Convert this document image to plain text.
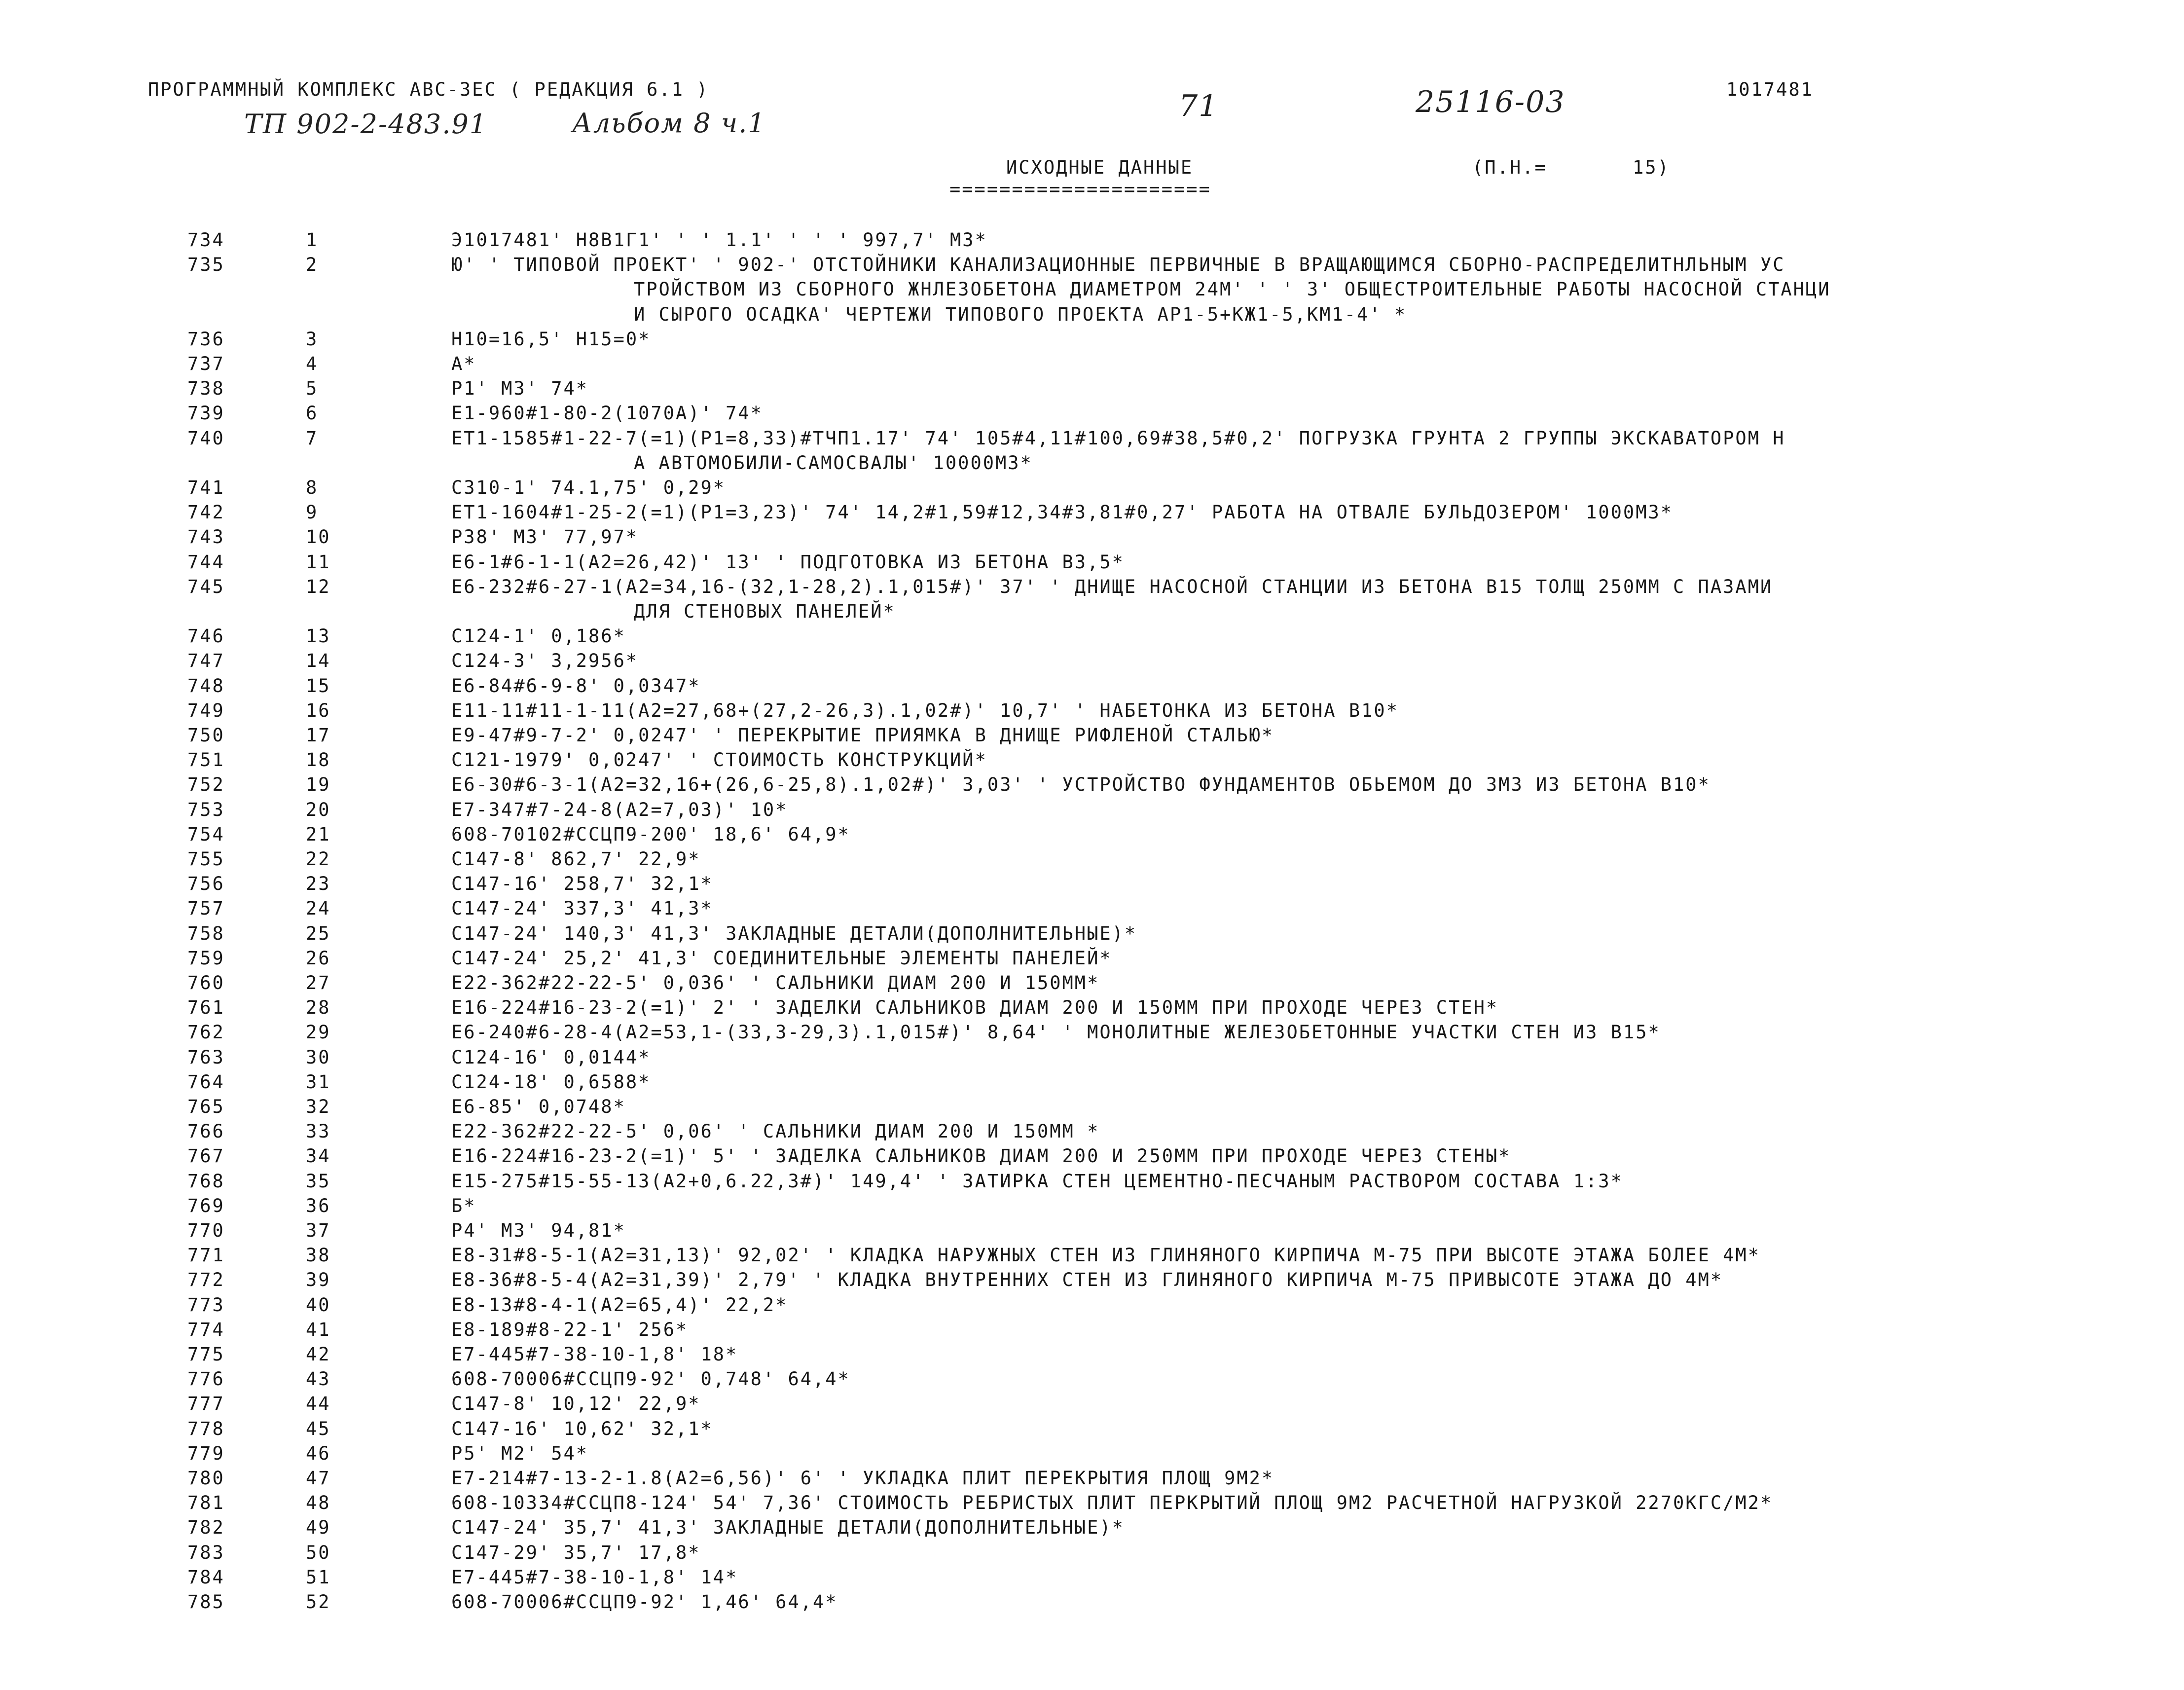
ПРОГРАММНЫЙ КОМПЛЕКС АВС-3ЕС ( РЕДАКЦИЯ 6.1 )	1017481
ТП 902-2-483.91	Альбом 8 ч.1	71	25116-03
ИСХОДНЫЕ ДАННЫЕ
=====================
(П.Н.=	15)
734	1	Э1017481' Н8В1Г1' ' ' 1.1' ' ' ' 997,7' М3*
735	2	Ю' ' ТИПОВОЙ ПРОЕКТ' ' 902-' ОТСТОЙНИКИ КАНАЛИЗАЦИОННЫЕ ПЕРВИЧНЫЕ В ВРАЩАЮЩИМСЯ СБОРНО-РАСПРЕДЕЛИТНЛЬНЫМ УС
ТРОЙСТВОМ ИЗ СБОРНОГО ЖНЛЕЗОБЕТОНА ДИАМЕТРОМ 24М' ' ' 3' ОБЩЕСТРОИТЕЛЬНЫЕ РАБОТЫ НАСОСНОЙ СТАНЦИ
И СЫРОГО ОСАДКА' ЧЕРТЕЖИ ТИПОВОГО ПРОЕКТА АР1-5+КЖ1-5,КМ1-4' *
736	3	Н10=16,5' Н15=0*
737	4	А*
738	5	Р1' М3' 74*
739	6	Е1-960#1-80-2(1070А)' 74*
740	7	ЕТ1-1585#1-22-7(=1)(Р1=8,33)#ТЧП1.17' 74' 105#4,11#100,69#38,5#0,2' ПОГРУЗКА ГРУНТА 2 ГРУППЫ ЭКСКАВАТОРОМ Н
А АВТОМОБИЛИ-САМОСВАЛЫ' 10000М3*
741	8	С310-1' 74.1,75' 0,29*
742	9	ЕТ1-1604#1-25-2(=1)(Р1=3,23)' 74' 14,2#1,59#12,34#3,81#0,27' РАБОТА НА ОТВАЛЕ БУЛЬДОЗЕРОМ' 1000М3*
743	10	Р38' М3' 77,97*
744	11	Е6-1#6-1-1(А2=26,42)' 13' ' ПОДГОТОВКА ИЗ БЕТОНА В3,5*
745	12	Е6-232#6-27-1(А2=34,16-(32,1-28,2).1,015#)' 37' ' ДНИЩЕ НАСОСНОЙ СТАНЦИИ ИЗ БЕТОНА В15 ТОЛЩ 250ММ С ПАЗАМИ
ДЛЯ СТЕНОВЫХ ПАНЕЛЕЙ*
746	13	С124-1' 0,186*
747	14	С124-3' 3,2956*
748	15	Е6-84#6-9-8' 0,0347*
749	16	Е11-11#11-1-11(А2=27,68+(27,2-26,3).1,02#)' 10,7' ' НАБЕТОНКА ИЗ БЕТОНА В10*
750	17	Е9-47#9-7-2' 0,0247' ' ПЕРЕКРЫТИЕ ПРИЯМКА В ДНИЩЕ РИФЛЕНОЙ СТАЛЬЮ*
751	18	С121-1979' 0,0247' ' СТОИМОСТЬ КОНСТРУКЦИЙ*
752	19	Е6-30#6-3-1(А2=32,16+(26,6-25,8).1,02#)' 3,03' ' УСТРОЙСТВО ФУНДАМЕНТОВ ОБЬЕМОМ ДО 3М3 ИЗ БЕТОНА В10*
753	20	Е7-347#7-24-8(А2=7,03)' 10*
754	21	608-70102#ССЦП9-200' 18,6' 64,9*
755	22	С147-8' 862,7' 22,9*
756	23	С147-16' 258,7' 32,1*
757	24	С147-24' 337,3' 41,3*
758	25	С147-24' 140,3' 41,3' ЗАКЛАДНЫЕ ДЕТАЛИ(ДОПОЛНИТЕЛЬНЫЕ)*
759	26	С147-24' 25,2' 41,3' СОЕДИНИТЕЛЬНЫЕ ЭЛЕМЕНТЫ ПАНЕЛЕЙ*
760	27	Е22-362#22-22-5' 0,036' ' САЛЬНИКИ ДИАМ 200 И 150ММ*
761	28	Е16-224#16-23-2(=1)' 2' ' ЗАДЕЛКИ САЛЬНИКОВ ДИАМ 200 И 150ММ ПРИ ПРОХОДЕ ЧЕРЕЗ СТЕН*
762	29	Е6-240#6-28-4(А2=53,1-(33,3-29,3).1,015#)' 8,64' ' МОНОЛИТНЫЕ ЖЕЛЕЗОБЕТОННЫЕ УЧАСТКИ СТЕН ИЗ В15*
763	30	С124-16' 0,0144*
764	31	С124-18' 0,6588*
765	32	Е6-85' 0,0748*
766	33	Е22-362#22-22-5' 0,06' ' САЛЬНИКИ ДИАМ 200 И 150ММ *
767	34	Е16-224#16-23-2(=1)' 5' ' ЗАДЕЛКА САЛЬНИКОВ ДИАМ 200 И 250ММ ПРИ ПРОХОДЕ ЧЕРЕЗ СТЕНЫ*
768	35	Е15-275#15-55-13(А2+0,6.22,3#)' 149,4' ' ЗАТИРКА СТЕН ЦЕМЕНТНО-ПЕСЧАНЫМ РАСТВОРОМ СОСТАВА 1:3*
769	36	Б*
770	37	Р4' М3' 94,81*
771	38	Е8-31#8-5-1(А2=31,13)' 92,02' ' КЛАДКА НАРУЖНЫХ СТЕН ИЗ ГЛИНЯНОГО КИРПИЧА М-75 ПРИ ВЫСОТЕ ЭТАЖА БОЛЕЕ 4М*
772	39	Е8-36#8-5-4(А2=31,39)' 2,79' ' КЛАДКА ВНУТРЕННИХ СТЕН ИЗ ГЛИНЯНОГО КИРПИЧА М-75 ПРИВЫСОТЕ ЭТАЖА ДО 4М*
773	40	Е8-13#8-4-1(А2=65,4)' 22,2*
774	41	Е8-189#8-22-1' 256*
775	42	Е7-445#7-38-10-1,8' 18*
776	43	608-70006#ССЦП9-92' 0,748' 64,4*
777	44	С147-8' 10,12' 22,9*
778	45	С147-16' 10,62' 32,1*
779	46	Р5' М2' 54*
780	47	Е7-214#7-13-2-1.8(А2=6,56)' 6' ' УКЛАДКА ПЛИТ ПЕРЕКРЫТИЯ ПЛОЩ 9М2*
781	48	608-10334#ССЦП8-124' 54' 7,36' СТОИМОСТЬ РЕБРИСТЫХ ПЛИТ ПЕРКРЫТИЙ ПЛОЩ 9М2 РАСЧЕТНОЙ НАГРУЗКОЙ 2270КГС/М2*
782	49	С147-24' 35,7' 41,3' ЗАКЛАДНЫЕ ДЕТАЛИ(ДОПОЛНИТЕЛЬНЫЕ)*
783	50	С147-29' 35,7' 17,8*
784	51	Е7-445#7-38-10-1,8' 14*
785	52	608-70006#ССЦП9-92' 1,46' 64,4*
